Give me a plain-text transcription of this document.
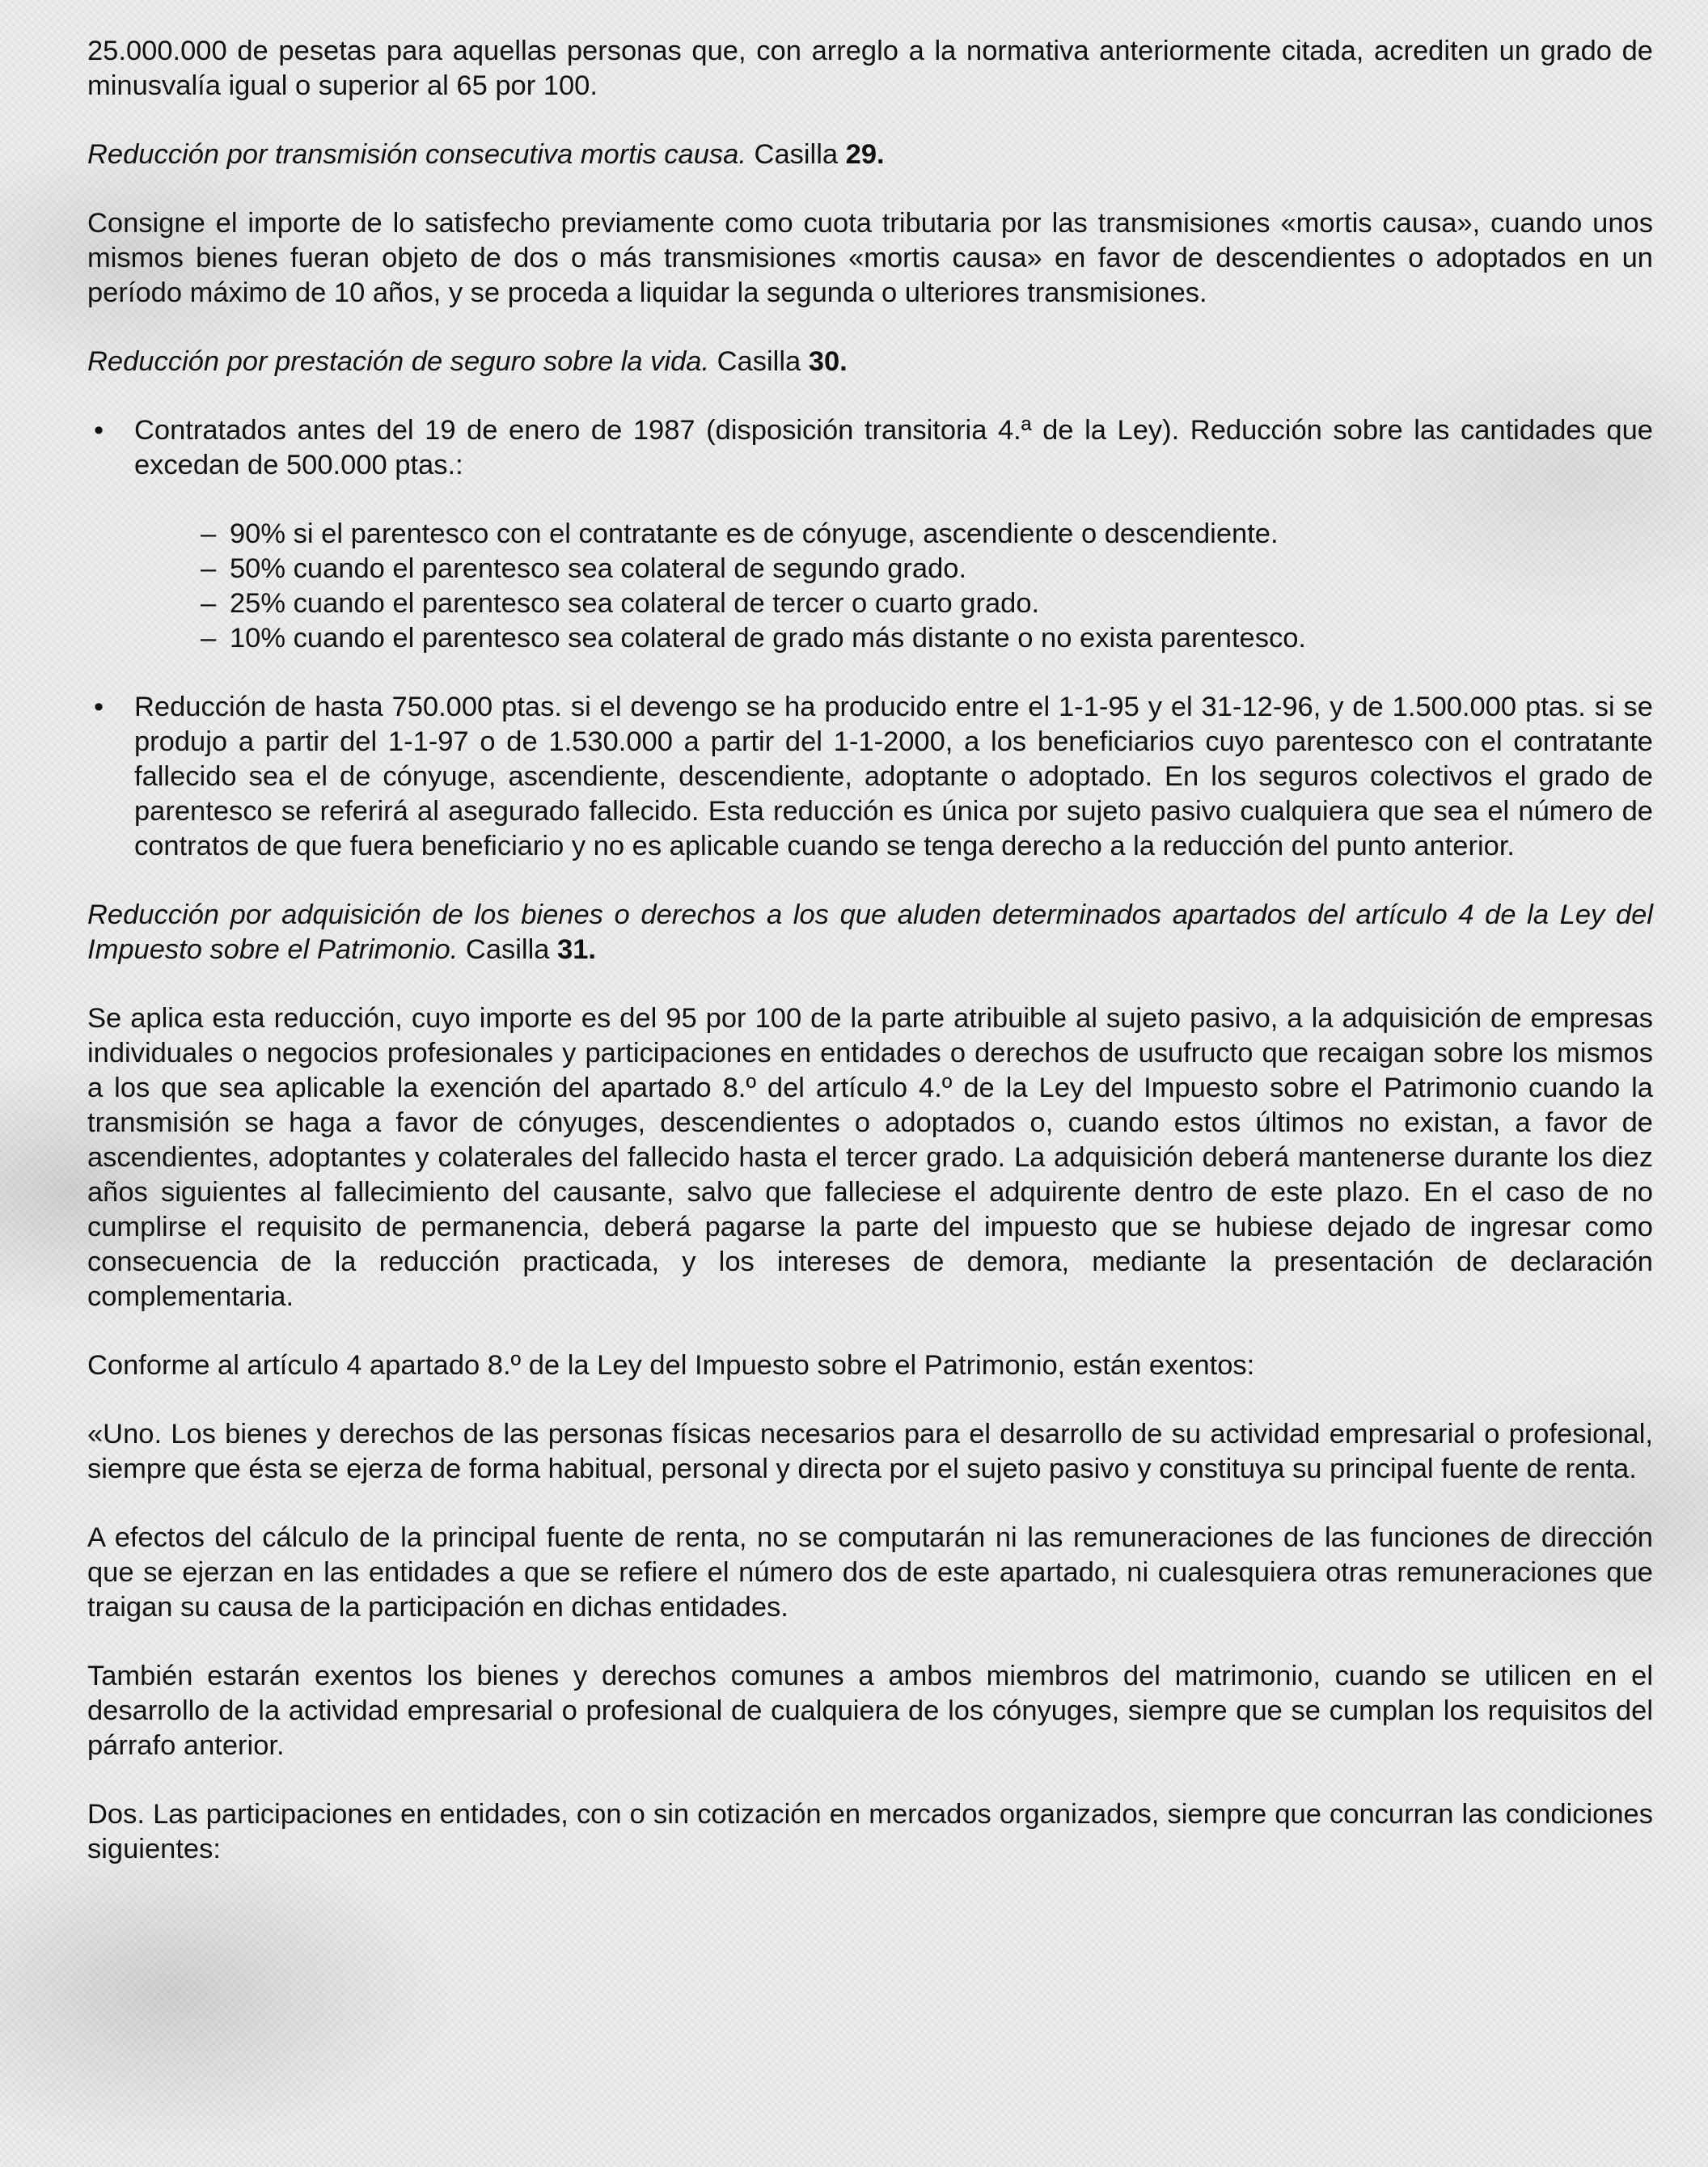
25.000.000 de pesetas para aquellas personas que, con arreglo a la normativa anteriormente citada, acrediten un grado de minusvalía igual o superior al 65 por 100.

Reducción por transmisión consecutiva mortis causa. Casilla 29.

Consigne el importe de lo satisfecho previamente como cuota tributaria por las transmisiones «mortis causa», cuando unos mismos bienes fueran objeto de dos o más transmisiones «mortis causa» en favor de descendientes o adoptados en un período máximo de 10 años, y se proceda a liquidar la segunda o ulteriores transmisiones.

Reducción por prestación de seguro sobre la vida. Casilla 30.

• Contratados antes del 19 de enero de 1987 (disposición transitoria 4.ª de la Ley). Reducción sobre las cantidades que excedan de 500.000 ptas.:
– 90% si el parentesco con el contratante es de cónyuge, ascendiente o descendiente.
– 50% cuando el parentesco sea colateral de segundo grado.
– 25% cuando el parentesco sea colateral de tercer o cuarto grado.
– 10% cuando el parentesco sea colateral de grado más distante o no exista parentesco.
• Reducción de hasta 750.000 ptas. si el devengo se ha producido entre el 1-1-95 y el 31-12-96, y de 1.500.000 ptas. si se produjo a partir del 1-1-97 o de 1.530.000 a partir del 1-1-2000, a los beneficiarios cuyo parentesco con el contratante fallecido sea el de cónyuge, ascendiente, descendiente, adoptante o adoptado. En los seguros colectivos el grado de parentesco se referirá al asegurado fallecido. Esta reducción es única por sujeto pasivo cualquiera que sea el número de contratos de que fuera beneficiario y no es aplicable cuando se tenga derecho a la reducción del punto anterior.

Reducción por adquisición de los bienes o derechos a los que aluden determinados apartados del artículo 4 de la Ley del Impuesto sobre el Patrimonio. Casilla 31.

Se aplica esta reducción, cuyo importe es del 95 por 100 de la parte atribuible al sujeto pasivo, a la adquisición de empresas individuales o negocios profesionales y participaciones en entidades o derechos de usufructo que recaigan sobre los mismos a los que sea aplicable la exención del apartado 8.º del artículo 4.º de la Ley del Impuesto sobre el Patrimonio cuando la transmisión se haga a favor de cónyuges, descendientes o adoptados o, cuando estos últimos no existan, a favor de ascendientes, adoptantes y colaterales del fallecido hasta el tercer grado. La adquisición deberá mantenerse durante los diez años siguientes al fallecimiento del causante, salvo que falleciese el adquirente dentro de este plazo. En el caso de no cumplirse el requisito de permanencia, deberá pagarse la parte del impuesto que se hubiese dejado de ingresar como consecuencia de la reducción practicada, y los intereses de demora, mediante la presentación de declaración complementaria.

Conforme al artículo 4 apartado 8.º de la Ley del Impuesto sobre el Patrimonio, están exentos:

«Uno. Los bienes y derechos de las personas físicas necesarios para el desarrollo de su actividad empresarial o profesional, siempre que ésta se ejerza de forma habitual, personal y directa por el sujeto pasivo y constituya su principal fuente de renta.

A efectos del cálculo de la principal fuente de renta, no se computarán ni las remuneraciones de las funciones de dirección que se ejerzan en las entidades a que se refiere el número dos de este apartado, ni cualesquiera otras remuneraciones que traigan su causa de la participación en dichas entidades.

También estarán exentos los bienes y derechos comunes a ambos miembros del matrimonio, cuando se utilicen en el desarrollo de la actividad empresarial o profesional de cualquiera de los cónyuges, siempre que se cumplan los requisitos del párrafo anterior.

Dos. Las participaciones en entidades, con o sin cotización en mercados organizados, siempre que concurran las condiciones siguientes:
